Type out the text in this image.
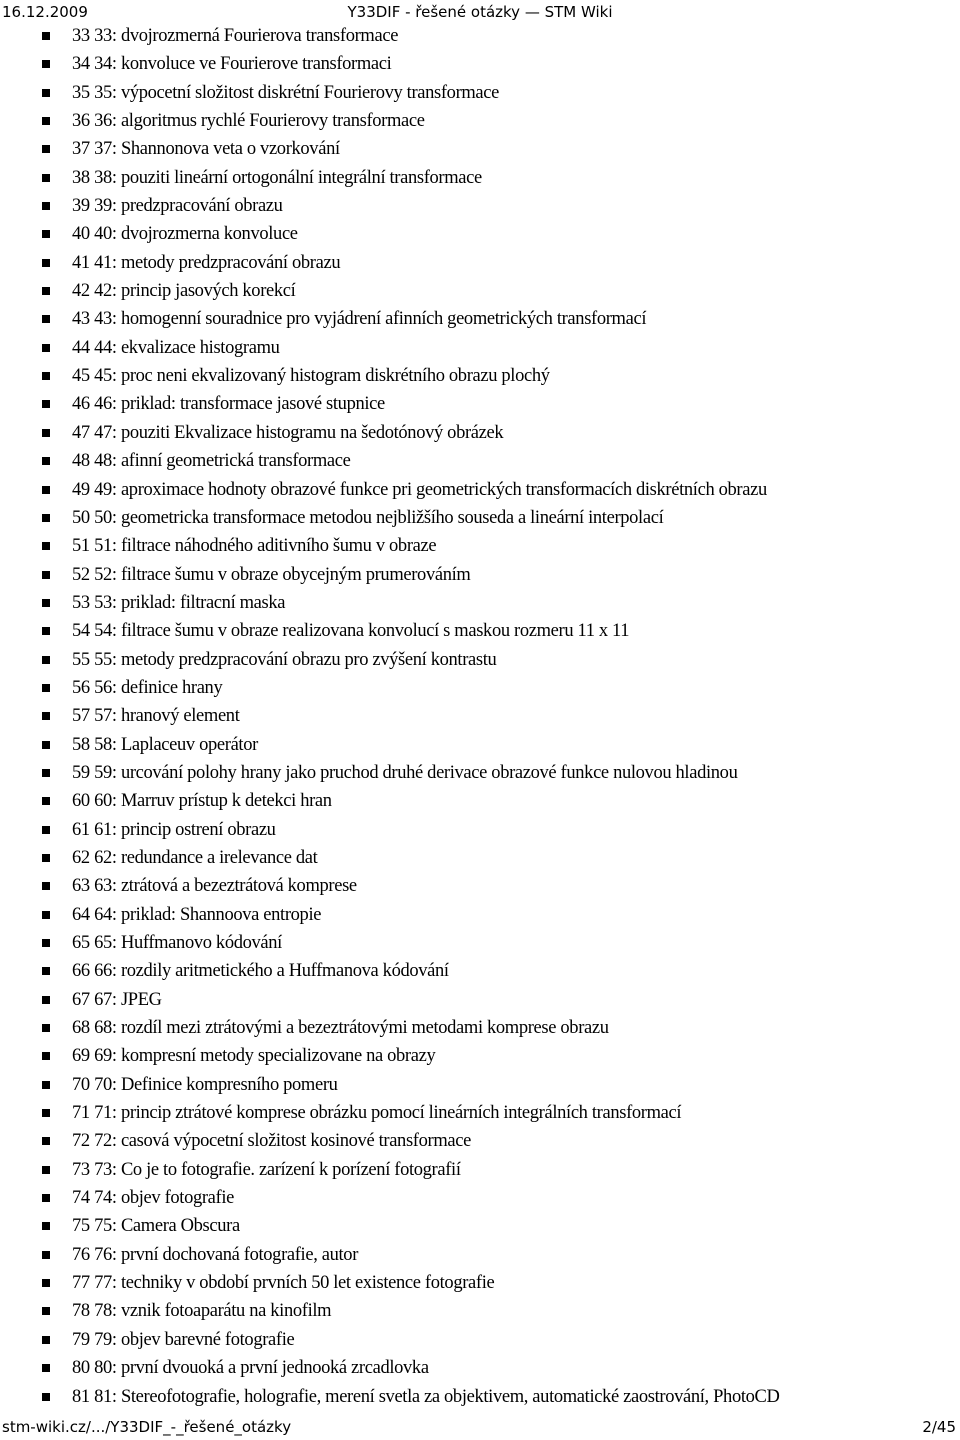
16.12.2009	Y33DIF - řešené otázky — STM Wiki
33 33: dvojrozmerná Fourierova transformace
34 34: konvoluce ve Fourierove transformaci
35 35: výpocetní složitost diskrétní Fourierovy transformace
36 36: algoritmus rychlé Fourierovy transformace
37 37: Shannonova veta o vzorkování
38 38: pouziti lineární ortogonální integrální transformace
39 39: predzpracování obrazu
40 40: dvojrozmerna konvoluce
41 41: metody predzpracování obrazu
42 42: princip jasových korekcí
43 43: homogenní souradnice pro vyjádrení afinních geometrických transformací
44 44: ekvalizace histogramu
45 45: proc neni ekvalizovaný histogram diskrétního obrazu plochý
46 46: priklad: transformace jasové stupnice
47 47: pouziti Ekvalizace histogramu na šedotónový obrázek
48 48: afinní geometrická transformace
49 49: aproximace hodnoty obrazové funkce pri geometrických transformacích diskrétních obrazu
50 50: geometricka transformace metodou nejbližšího souseda a lineární interpolací
51 51: filtrace náhodného aditivního šumu v obraze
52 52: filtrace šumu v obraze obycejným prumerováním
53 53: priklad: filtracní maska
54 54: filtrace šumu v obraze realizovana konvolucí s maskou rozmeru 11 x 11
55 55: metody predzpracování obrazu pro zvýšení kontrastu
56 56: definice hrany
57 57: hranový element
58 58: Laplaceuv operátor
59 59: urcování polohy hrany jako pruchod druhé derivace obrazové funkce nulovou hladinou
60 60: Marruv prístup k detekci hran
61 61: princip ostrení obrazu
62 62: redundance a irelevance dat
63 63: ztrátová a bezeztrátová komprese
64 64: priklad: Shannoova entropie
65 65: Huffmanovo kódování
66 66: rozdily aritmetického a Huffmanova kódování
67 67: JPEG
68 68: rozdíl mezi ztrátovými a bezeztrátovými metodami komprese obrazu
69 69: kompresní metody specializovane na obrazy
70 70: Definice kompresního pomeru
71 71: princip ztrátové komprese obrázku pomocí lineárních integrálních transformací
72 72: casová výpocetní složitost kosinové transformace
73 73: Co je to fotografie. zarízení k porízení fotografií
74 74: objev fotografie
75 75: Camera Obscura
76 76: první dochovaná fotografie, autor
77 77: techniky v období prvních 50 let existence fotografie
78 78: vznik fotoaparátu na kinofilm
79 79: objev barevné fotografie
80 80: první dvouoká a první jednooká zrcadlovka
81 81: Stereofotografie, holografie, merení svetla za objektivem, automatické zaostrování, PhotoCD
stm-wiki.cz/.../Y33DIF_-_řešené_otázky	2/45
